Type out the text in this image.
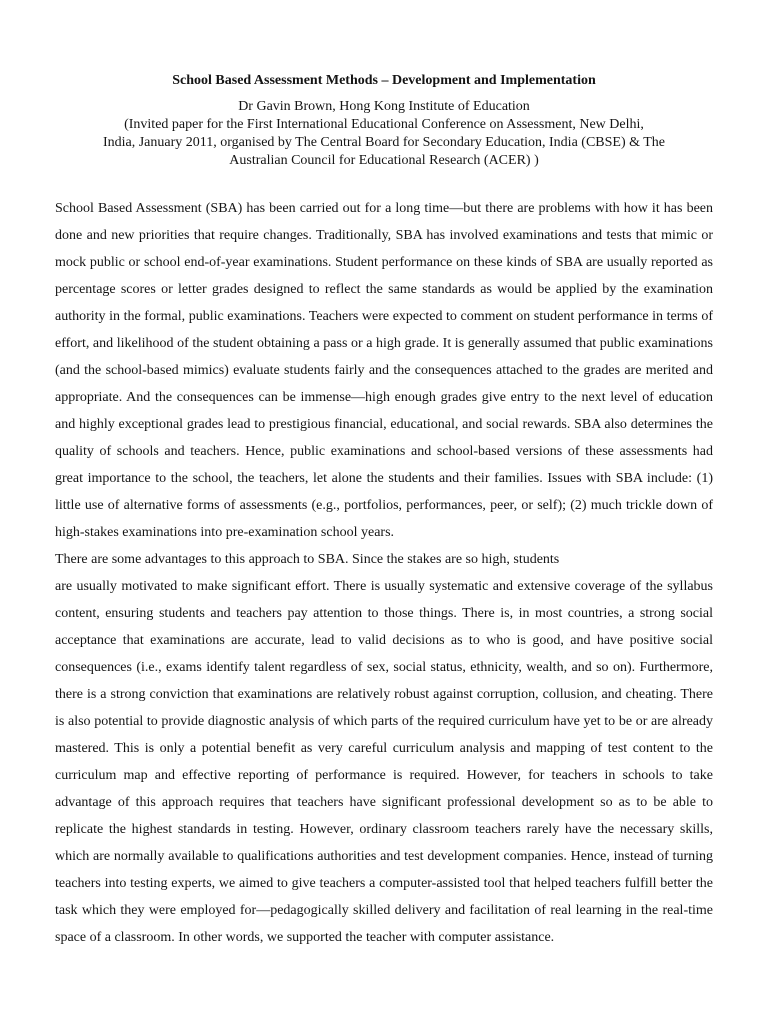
School Based Assessment Methods – Development and Implementation
Dr Gavin Brown, Hong Kong Institute of Education
(Invited paper for the First International Educational Conference on Assessment, New Delhi,
India, January 2011, organised by The Central Board for Secondary Education, India (CBSE) & The
Australian Council for Educational Research (ACER) )

School Based Assessment (SBA) has been carried out for a long time—but there are problems with how it has been done and new priorities that require changes. Traditionally, SBA has involved examinations and tests that mimic or mock public or school end-of-year examinations. Student performance on these kinds of SBA are usually reported as percentage scores or letter grades designed to reflect the same standards as would be applied by the examination authority in the formal, public examinations. Teachers were expected to comment on student performance in terms of effort, and likelihood of the student obtaining a pass or a high grade. It is generally assumed that public examinations (and the school-based mimics) evaluate students fairly and the consequences attached to the grades are merited and appropriate. And the consequences can be immense—high enough grades give entry to the next level of education and highly exceptional grades lead to prestigious financial, educational, and social rewards. SBA also determines the quality of schools and teachers. Hence, public examinations and school-based versions of these assessments had great importance to the school, the teachers, let alone the students and their families. Issues with SBA include: (1) little use of alternative forms of assessments (e.g., portfolios, performances, peer, or self); (2) much trickle down of high-stakes examinations into pre-examination school years.

There are some advantages to this approach to SBA. Since the stakes are so high, students

are usually motivated to make significant effort. There is usually systematic and extensive coverage of the syllabus content, ensuring students and teachers pay attention to those things. There is, in most countries, a strong social acceptance that examinations are accurate, lead to valid decisions as to who is good, and have positive social consequences (i.e., exams identify talent regardless of sex, social status, ethnicity, wealth, and so on). Furthermore, there is a strong conviction that examinations are relatively robust against corruption, collusion, and cheating. There is also potential to provide diagnostic analysis of which parts of the required curriculum have yet to be or are already mastered. This is only a potential benefit as very careful curriculum analysis and mapping of test content to the curriculum map and effective reporting of performance is required. However, for teachers in schools to take advantage of this approach requires that teachers have significant professional development so as to be able to replicate the highest standards in testing. However, ordinary classroom teachers rarely have the necessary skills, which are normally available to qualifications authorities and test development companies. Hence, instead of turning teachers into testing experts, we aimed to give teachers a computer-assisted tool that helped teachers fulfill better the task which they were employed for—pedagogically skilled delivery and facilitation of real learning in the real-time space of a classroom. In other words, we supported the teacher with computer assistance.
